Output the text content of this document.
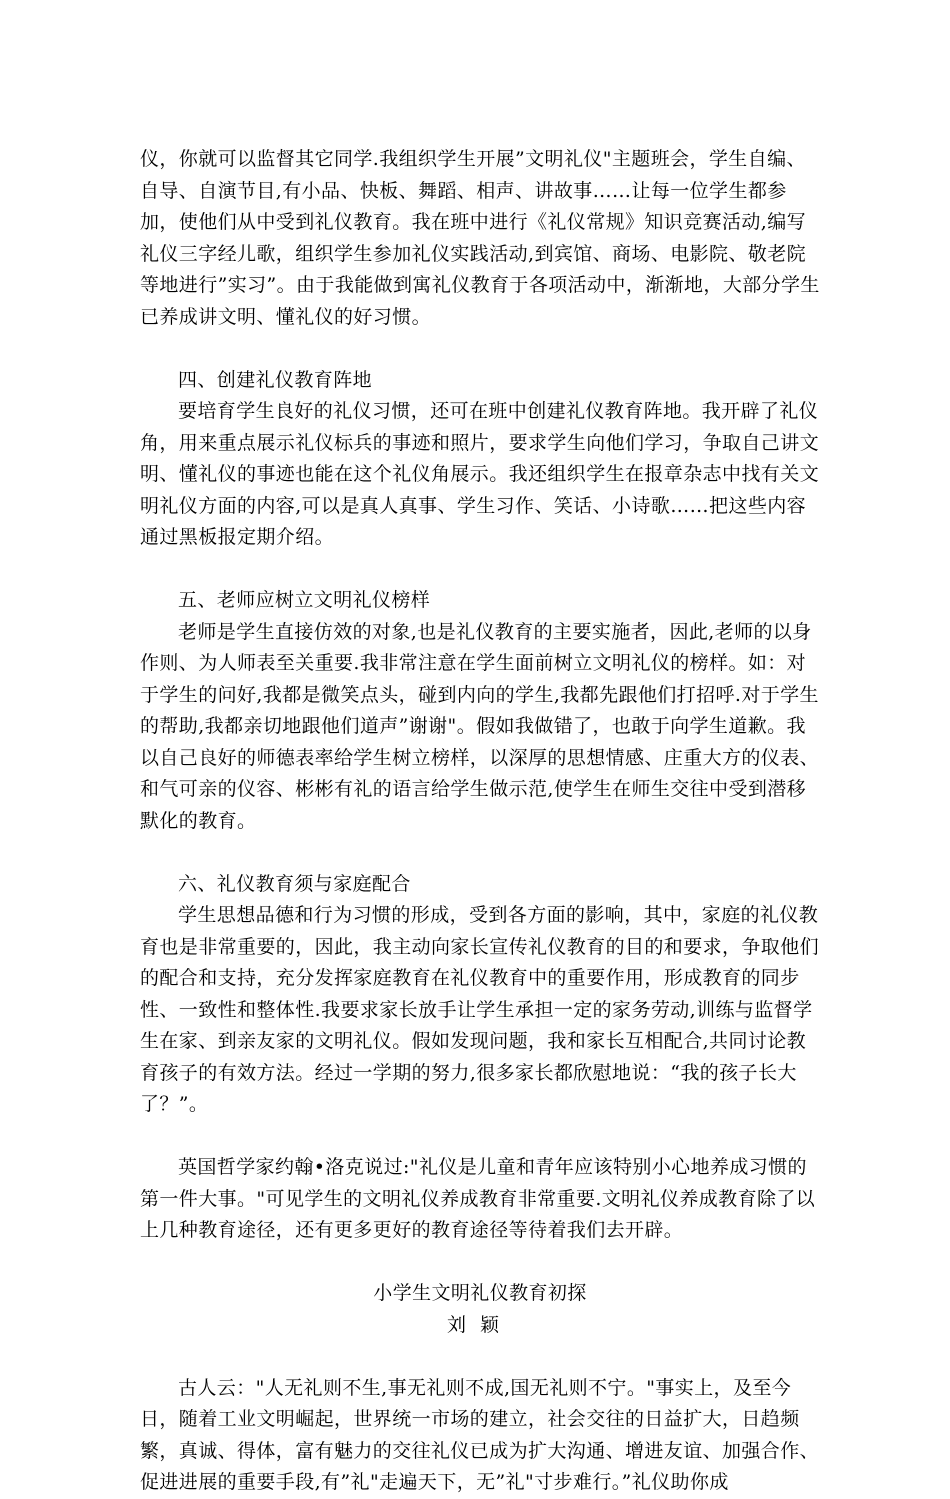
仪，你就可以监督其它同学.我组织学生开展”文明礼仪"主题班会，学生自编、自导、自演节目,有小品、快板、舞蹈、相声、讲故事……让每一位学生都参加，使他们从中受到礼仪教育。我在班中进行《礼仪常规》知识竞赛活动,编写礼仪三字经儿歌，组织学生参加礼仪实践活动,到宾馆、商场、电影院、敬老院等地进行”实习”。由于我能做到寓礼仪教育于各项活动中，渐渐地，大部分学生已养成讲文明、懂礼仪的好习惯。

四、创建礼仪教育阵地

要培育学生良好的礼仪习惯，还可在班中创建礼仪教育阵地。我开辟了礼仪角，用来重点展示礼仪标兵的事迹和照片，要求学生向他们学习，争取自己讲文明、懂礼仪的事迹也能在这个礼仪角展示。我还组织学生在报章杂志中找有关文明礼仪方面的内容,可以是真人真事、学生习作、笑话、小诗歌……把这些内容通过黑板报定期介绍。

五、老师应树立文明礼仪榜样

老师是学生直接仿效的对象,也是礼仪教育的主要实施者，因此,老师的以身作则、为人师表至关重要.我非常注意在学生面前树立文明礼仪的榜样。如：对于学生的问好,我都是微笑点头，碰到内向的学生,我都先跟他们打招呼.对于学生的帮助,我都亲切地跟他们道声”谢谢"。假如我做错了，也敢于向学生道歉。我以自己良好的师德表率给学生树立榜样，以深厚的思想情感、庄重大方的仪表、和气可亲的仪容、彬彬有礼的语言给学生做示范,使学生在师生交往中受到潜移默化的教育。

六、礼仪教育须与家庭配合

学生思想品德和行为习惯的形成，受到各方面的影响，其中，家庭的礼仪教育也是非常重要的，因此，我主动向家长宣传礼仪教育的目的和要求，争取他们的配合和支持，充分发挥家庭教育在礼仪教育中的重要作用，形成教育的同步性、一致性和整体性.我要求家长放手让学生承担一定的家务劳动,训练与监督学生在家、到亲友家的文明礼仪。假如发现问题，我和家长互相配合,共同讨论教育孩子的有效方法。经过一学期的努力,很多家长都欣慰地说：“我的孩子长大了？”。

英国哲学家约翰•洛克说过:"礼仪是儿童和青年应该特别小心地养成习惯的第一件大事。"可见学生的文明礼仪养成教育非常重要.文明礼仪养成教育除了以上几种教育途径，还有更多更好的教育途径等待着我们去开辟。

小学生文明礼仪教育初探

刘颖

古人云："人无礼则不生,事无礼则不成,国无礼则不宁。"事实上，及至今日，随着工业文明崛起，世界统一市场的建立，社会交往的日益扩大，日趋频繁，真诚、得体，富有魅力的交往礼仪已成为扩大沟通、增进友谊、加强合作、促进进展的重要手段,有”礼"走遍天下，无”礼"寸步难行。”礼仪助你成
